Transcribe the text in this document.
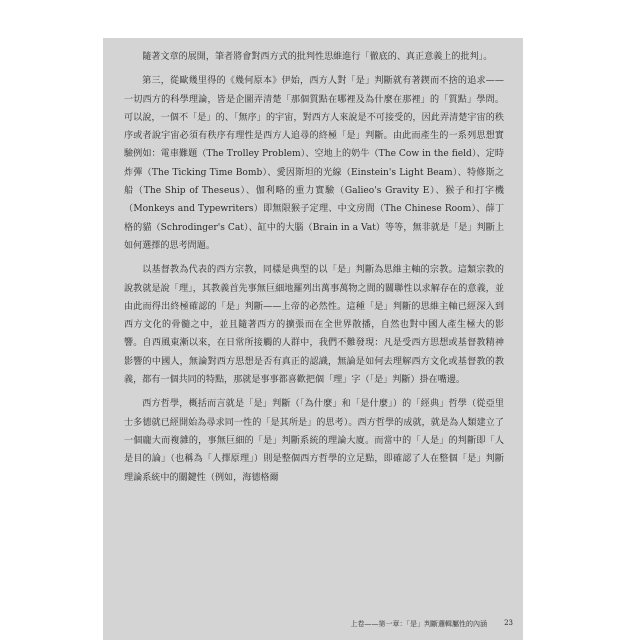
隨著文章的展開，筆者將會對西方式的批判性思維進行「徹底的、真正意義上的批判」。

第三，從歐幾里得的《幾何原本》伊始，西方人對「是」判斷就有著鍥而不捨的追求——一切西方的科學理論，皆是企圖弄清楚「那個質點在哪裡及為什麼在那裡」的「質點」學問。可以說，一個不「是」的、「無序」的宇宙，對西方人來說是不可接受的，因此弄清楚宇宙的秩序或者說宇宙必須有秩序有理性是西方人追尋的終極「是」判斷。由此而產生的一系列思想實驗例如：電車難題（The Trolley Problem）、空地上的奶牛（The Cow in the field）、定時炸彈（The Ticking Time Bomb）、愛因斯坦的光線（Einstein's Light Beam）、特修斯之船（The Ship of Theseus）、伽利略的重力實驗（Galieo's Gravity E）、猴子和打字機（Monkeys and Typewriters）即無限猴子定理、中文房間（The Chinese Room）、薛丁格的貓（Schrodinger's Cat）、缸中的大腦（Brain in a Vat）等等，無非就是「是」判斷上如何選擇的思考問題。

以基督教為代表的西方宗教，同樣是典型的以「是」判斷為思維主軸的宗教。這類宗教的說教就是說「理」，其教義首先事無巨細地羅列出萬事萬物之間的關聯性以求解存在的意義，並由此而得出終極確認的「是」判斷——上帝的必然性。這種「是」判斷的思維主軸已經深入到西方文化的骨髓之中，並且隨著西方的擴張而在全世界散播，自然也對中國人產生極大的影響。自西風東漸以來，在日常所接觸的人群中，我們不難發現：凡是受西方思想或基督教精神影響的中國人，無論對西方思想是否有真正的認識，無論是如何去理解西方文化或基督教的教義，都有一個共同的特點，那就是事事都喜歡把個「理」字（「是」判斷）掛在嘴邊。

西方哲學，概括而言就是「是」判斷（「為什麼」和「是什麼」）的「經典」哲學（從亞里士多德就已經開始為尋求同一性的「是其所是」的思考）。西方哲學的成就，就是為人類建立了一個龐大而複雜的，事無巨細的「是」判斷系統的理論大廈。而當中的「人是」的判斷即「人是目的論」（也稱為「人擇原理」）則是整個西方哲學的立足點，即確認了人在整個「是」判斷理論系統中的關鍵性（例如，海德格爾

上卷——第一章：「是」判斷邏輯屬性的內涵 23
